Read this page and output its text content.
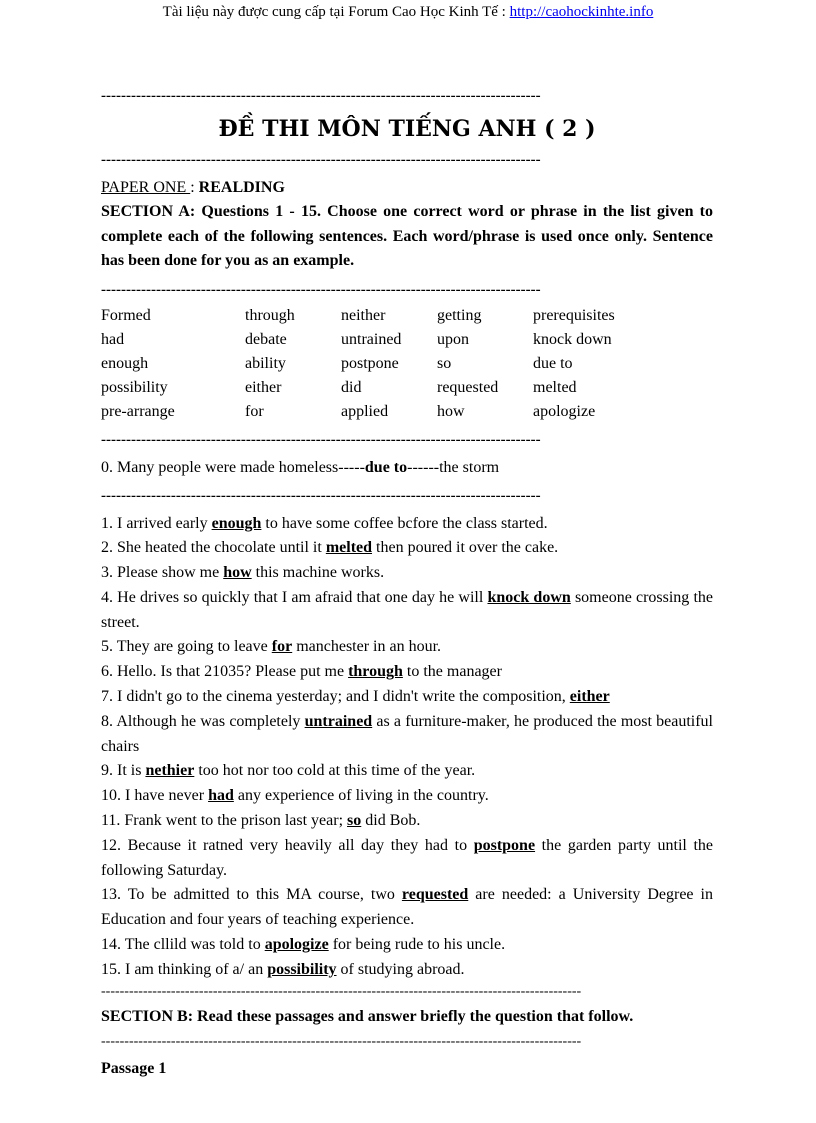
Tài liệu này được cung cấp tại Forum Cao Học Kinh Tế : http://caohockinhte.info
----------------------------------------------------------------------------------------
ĐỀ THI MÔN TIẾNG ANH ( 2 )
----------------------------------------------------------------------------------------
PAPER ONE : REALDING
SECTION A: Questions 1 - 15. Choose one correct word or phrase in the list given to complete each of the following sentences. Each word/phrase is used once only. Sentence has been done for you as an example.
----------------------------------------------------------------------------------------
Formed	through	neither	getting	prerequisites
had	debate	untrained	upon	knock down
enough	ability	postpone	so	due to
possibility	either	did	requested	melted
pre-arrange	for	applied	how	apologize
----------------------------------------------------------------------------------------
0. Many people were made homeless-----due to------the storm
----------------------------------------------------------------------------------------
1. I arrived early enough to have some coffee bcfore the class started.
2. She heated the chocolate until it melted then poured it over the cake.
3. Please show me how this machine works.
4. He drives so quickly that I am afraid that one day he will knock down someone crossing the street.
5. They are going to leave for manchester in an hour.
6. Hello. Is that 21035? Please put me through to the manager
7. I didn't go to the cinema yesterday; and I didn't write the composition, either
8. Although he was completely untrained as a furniture-maker, he produced the most beautiful chairs
9. It is nethier too hot nor too cold at this time of the year.
10. I have never had any experience of living in the country.
11. Frank went to the prison last year; so did Bob.
12. Because it ratned very heavily all day they had to postpone the garden party until the following Saturday.
13. To be admitted to this MA course, two requested are needed: a University Degree in Education and four years of teaching experience.
14. The cllild was told to apologize for being rude to his uncle.
15. I am thinking of a/ an possibility of studying abroad.
-------------------------------------------------------------------------------------------------------
SECTION B: Read these passages and answer briefly the question that follow.
-------------------------------------------------------------------------------------------------------
Passage 1
